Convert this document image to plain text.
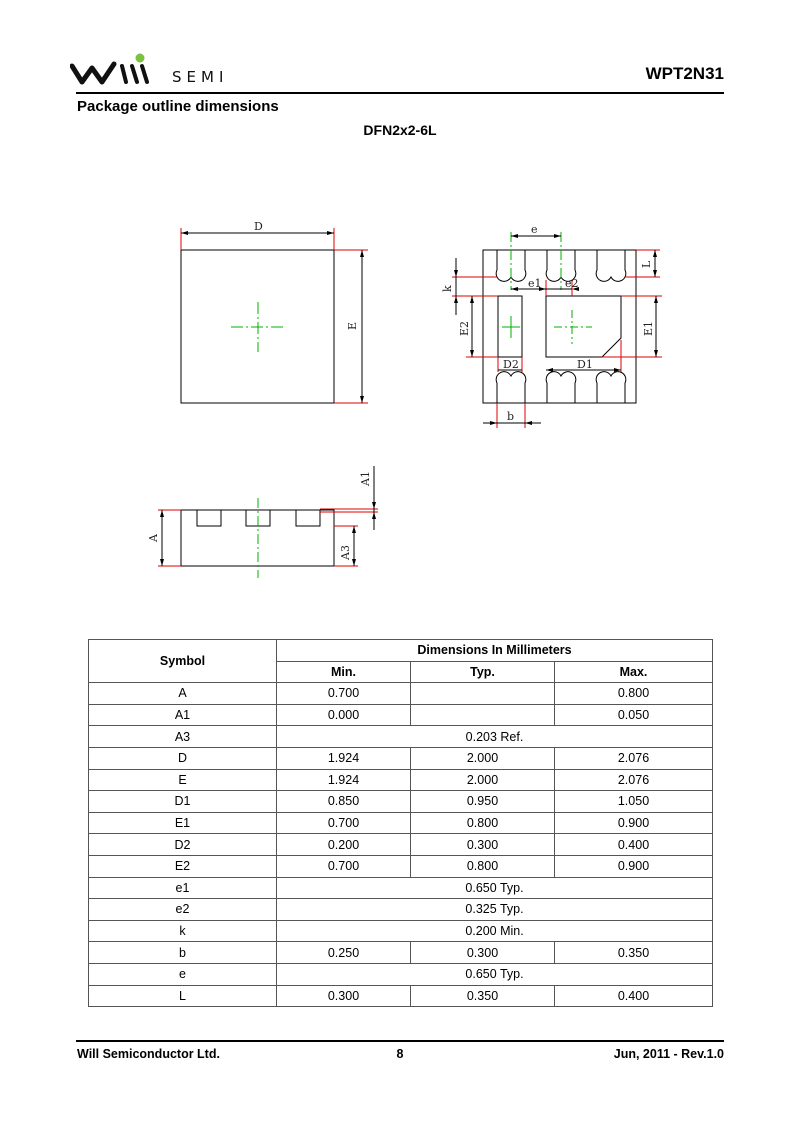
SEMI	WPT2N31
Package outline dimensions
DFN2x2-6L
D
E
e
e1 e2
k
L
E2	E1
D2	D1
b
A
A1
A3
Symbol	Dimensions In Millimeters		
	Min.	Typ.	Max.
A	0.700		0.800
A1	0.000		0.050
A3	0.203 Ref.		
D	1.924	2.000	2.076
E	1.924	2.000	2.076
D1	0.850	0.950	1.050
E1	0.700	0.800	0.900
D2	0.200	0.300	0.400
E2	0.700	0.800	0.900
e1	0.650 Typ.		
e2	0.325 Typ.		
k	0.200 Min.		
b	0.250	0.300	0.350
e	0.650 Typ.		
L	0.300	0.350	0.400
Will Semiconductor Ltd.	8	Jun, 2011 - Rev.1.0
